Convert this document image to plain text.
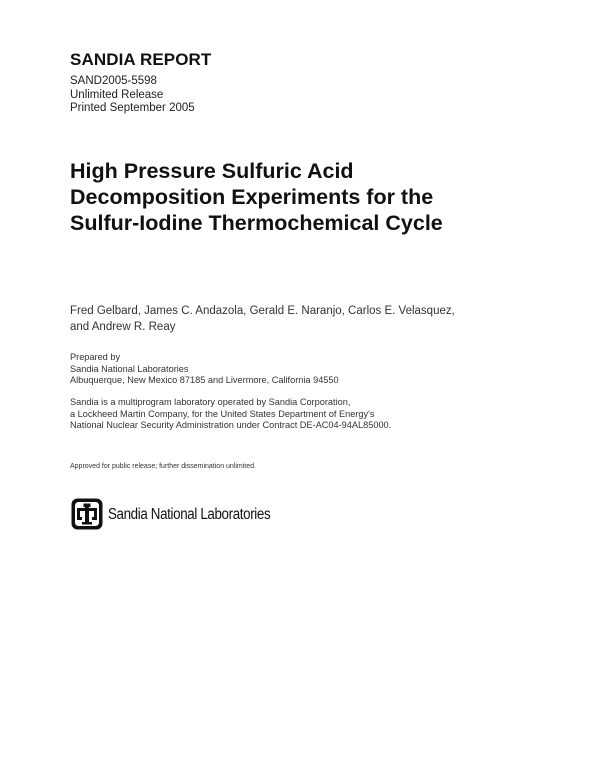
SANDIA REPORT
SAND2005-5598
Unlimited Release
Printed September 2005
High Pressure Sulfuric Acid
Decomposition Experiments for the
Sulfur-Iodine Thermochemical Cycle
Fred Gelbard, James C. Andazola, Gerald E. Naranjo, Carlos E. Velasquez,
and Andrew R. Reay
Prepared by
Sandia National Laboratories
Albuquerque, New Mexico 87185 and Livermore, California 94550
Sandia is a multiprogram laboratory operated by Sandia Corporation,
a Lockheed Martin Company, for the United States Department of Energy's
National Nuclear Security Administration under Contract DE-AC04-94AL85000.
Approved for public release; further dissemination unlimited.
Sandia National Laboratories
